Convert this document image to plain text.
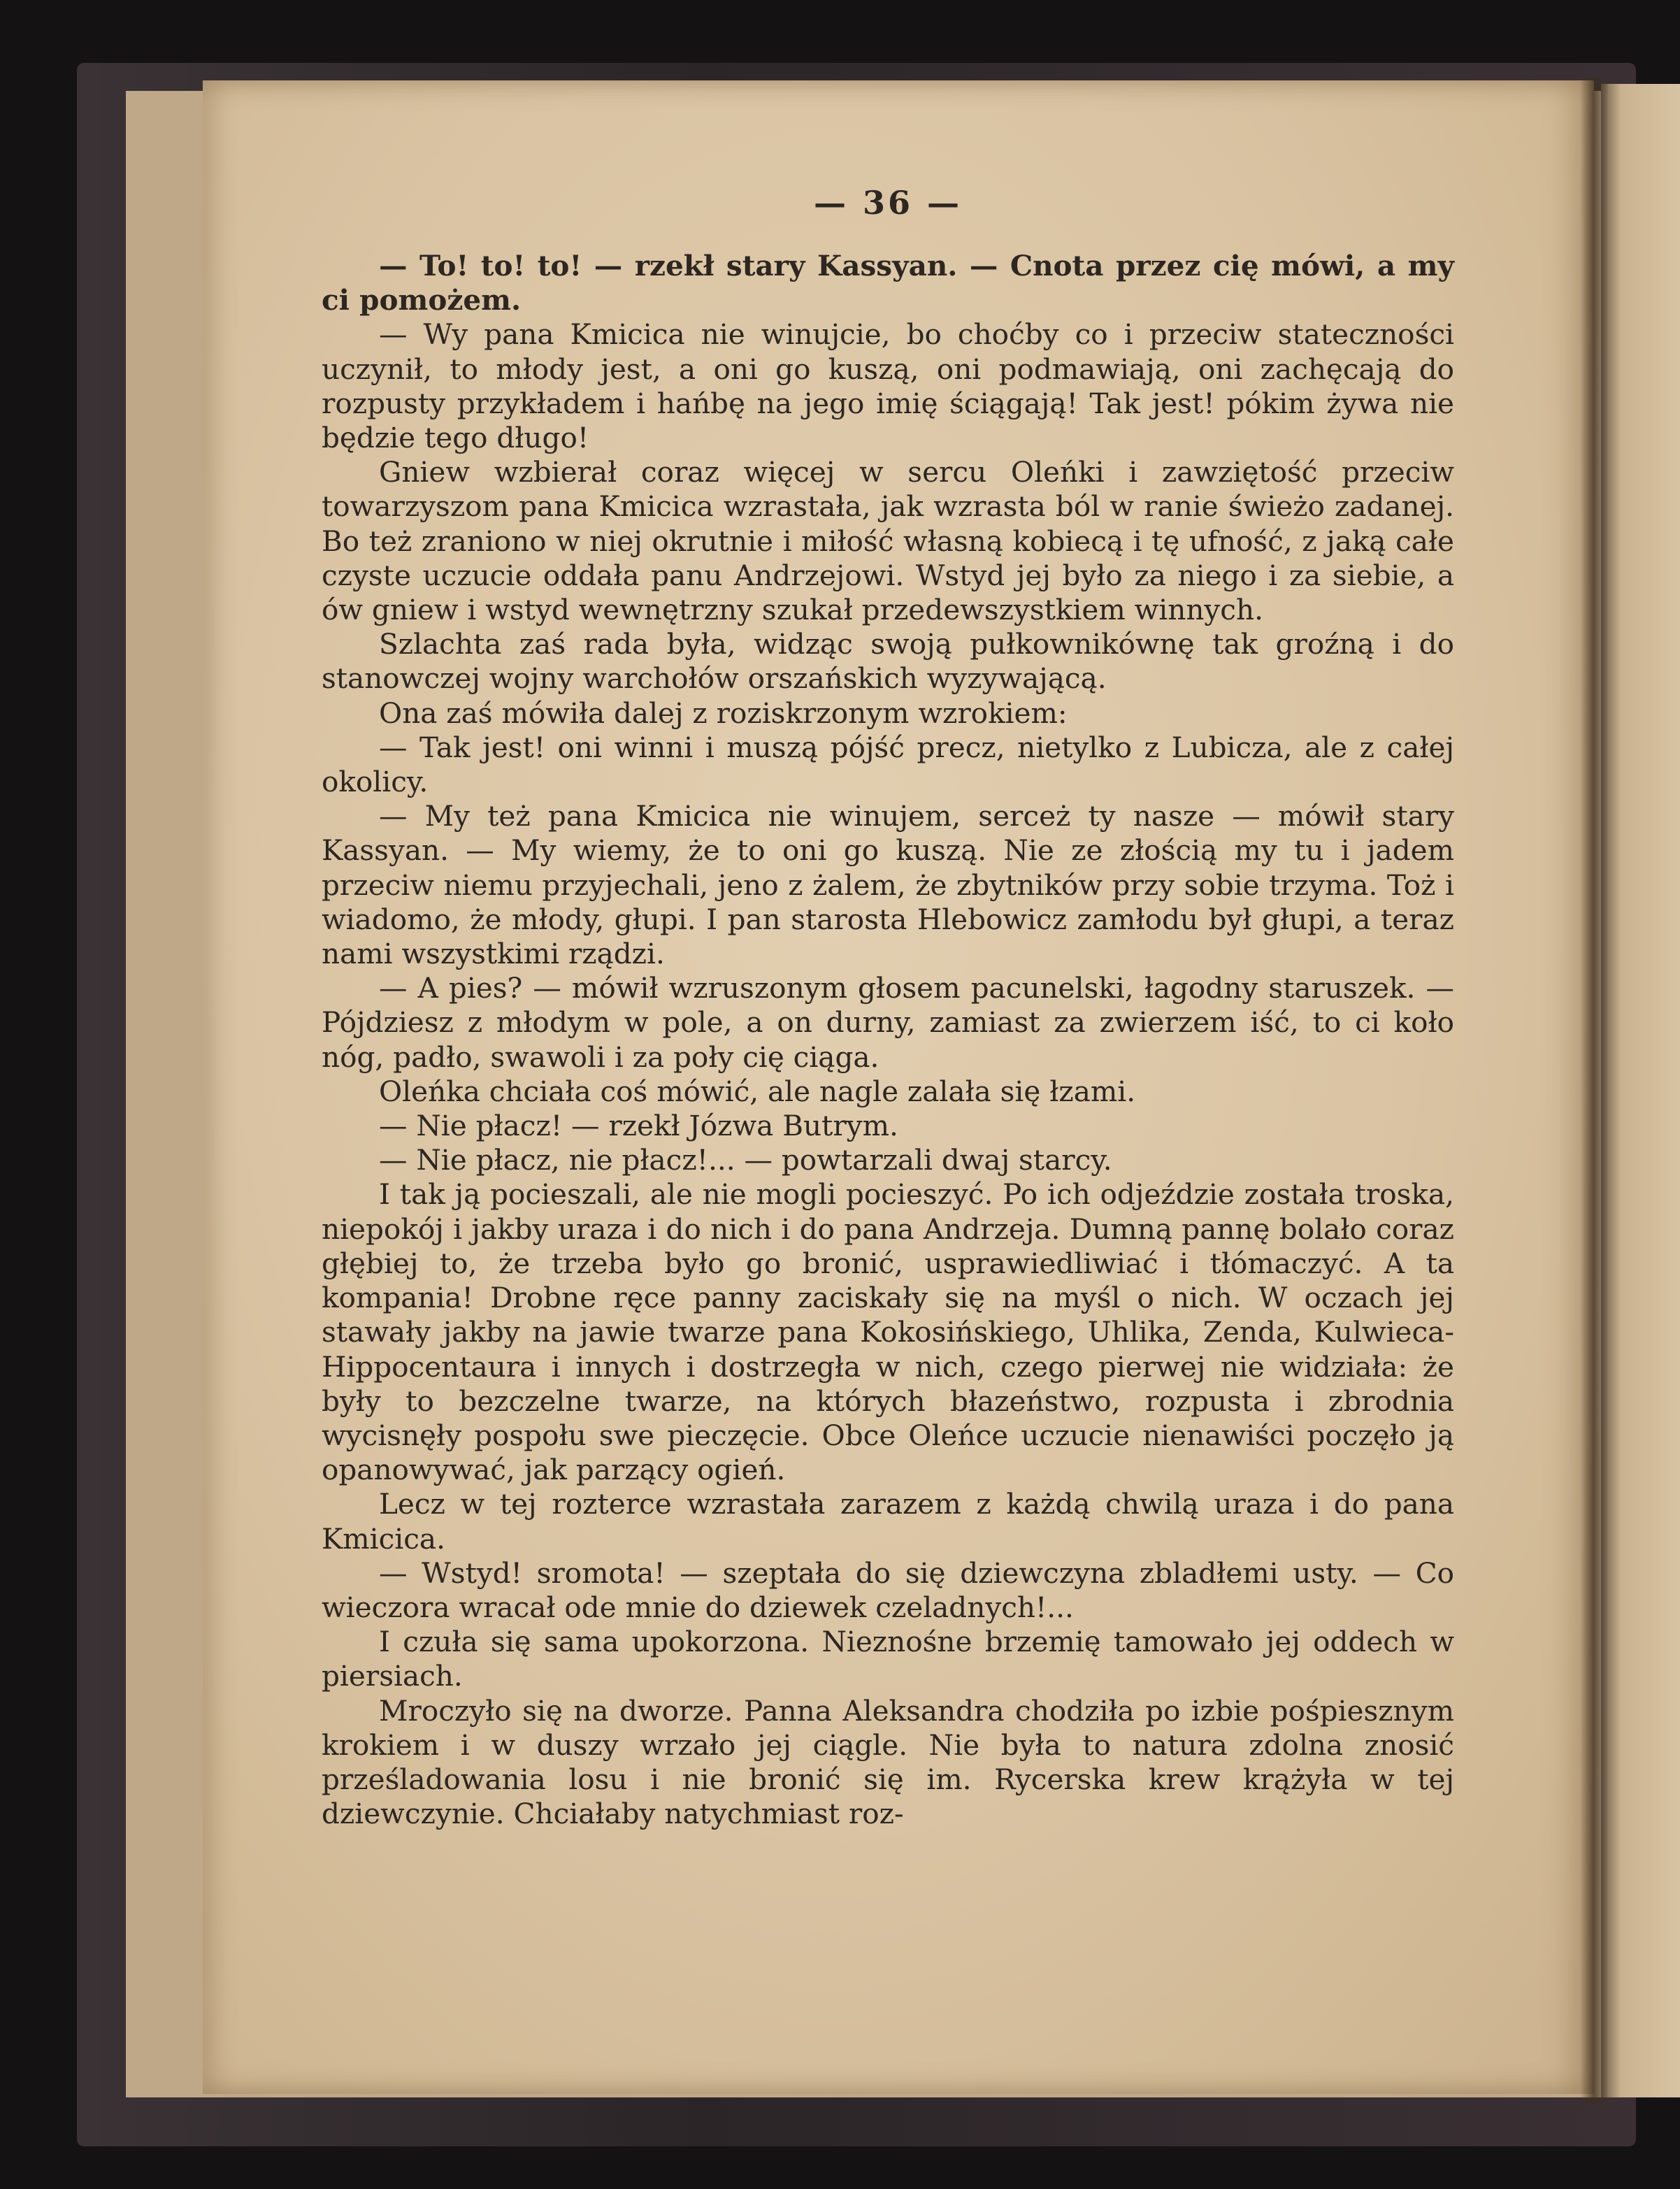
— 36 —

— To! to! to! — rzekł stary Kassyan. — Cnota przez cię mówi, a my ci pomożem.

— Wy pana Kmicica nie winujcie, bo choćby co i przeciw stateczności uczynił, to młody jest, a oni go kuszą, oni podmawiają, oni zachęcają do rozpusty przykładem i hańbę na jego imię ściągają! Tak jest! pókim żywa nie będzie tego długo!

Gniew wzbierał coraz więcej w sercu Oleńki i zawziętość przeciw towarzyszom pana Kmicica wzrastała, jak wzrasta ból w ranie świeżo zadanej. Bo też zraniono w niej okrutnie i miłość własną kobiecą i tę ufność, z jaką całe czyste uczucie oddała panu Andrzejowi. Wstyd jej było za niego i za siebie, a ów gniew i wstyd wewnętrzny szukał przedewszystkiem winnych.

Szlachta zaś rada była, widząc swoją pułkownikównę tak groźną i do stanowczej wojny warchołów orszańskich wyzywającą.

Ona zaś mówiła dalej z roziskrzonym wzrokiem:

— Tak jest! oni winni i muszą pójść precz, nietylko z Lubicza, ale z całej okolicy.

— My też pana Kmicica nie winujem, serceż ty nasze — mówił stary Kassyan. — My wiemy, że to oni go kuszą. Nie ze złością my tu i jadem przeciw niemu przyjechali, jeno z żalem, że zbytników przy sobie trzyma. Toż i wiadomo, że młody, głupi. I pan starosta Hlebowicz zamłodu był głupi, a teraz nami wszystkimi rządzi.

— A pies? — mówił wzruszonym głosem pacunelski, łagodny staruszek. — Pójdziesz z młodym w pole, a on durny, zamiast za zwierzem iść, to ci koło nóg, padło, swawoli i za poły cię ciąga.

Oleńka chciała coś mówić, ale nagle zalała się łzami.

— Nie płacz! — rzekł Józwa Butrym.

— Nie płacz, nie płacz!... — powtarzali dwaj starcy.

I tak ją pocieszali, ale nie mogli pocieszyć. Po ich odjeździe została troska, niepokój i jakby uraza i do nich i do pana Andrzeja. Dumną pannę bolało coraz głębiej to, że trzeba było go bronić, usprawiedliwiać i tłómaczyć. A ta kompania! Drobne ręce panny zaciskały się na myśl o nich. W oczach jej stawały jakby na jawie twarze pana Kokosińskiego, Uhlika, Zenda, Kulwieca-Hippocentaura i innych i dostrzegła w nich, czego pierwej nie widziała: że były to bezczelne twarze, na których błazeństwo, rozpusta i zbrodnia wycisnęły pospołu swe pieczęcie. Obce Oleńce uczucie nienawiści poczęło ją opanowywać, jak parzący ogień.

Lecz w tej rozterce wzrastała zarazem z każdą chwilą uraza i do pana Kmicica.

— Wstyd! sromota! — szeptała do się dziewczyna zbladłemi usty. — Co wieczora wracał ode mnie do dziewek czeladnych!...

I czuła się sama upokorzona. Nieznośne brzemię tamowało jej oddech w piersiach.

Mroczyło się na dworze. Panna Aleksandra chodziła po izbie pośpiesznym krokiem i w duszy wrzało jej ciągle. Nie była to natura zdolna znosić prześladowania losu i nie bronić się im. Rycerska krew krążyła w tej dziewczynie. Chciałaby natychmiast roz-
